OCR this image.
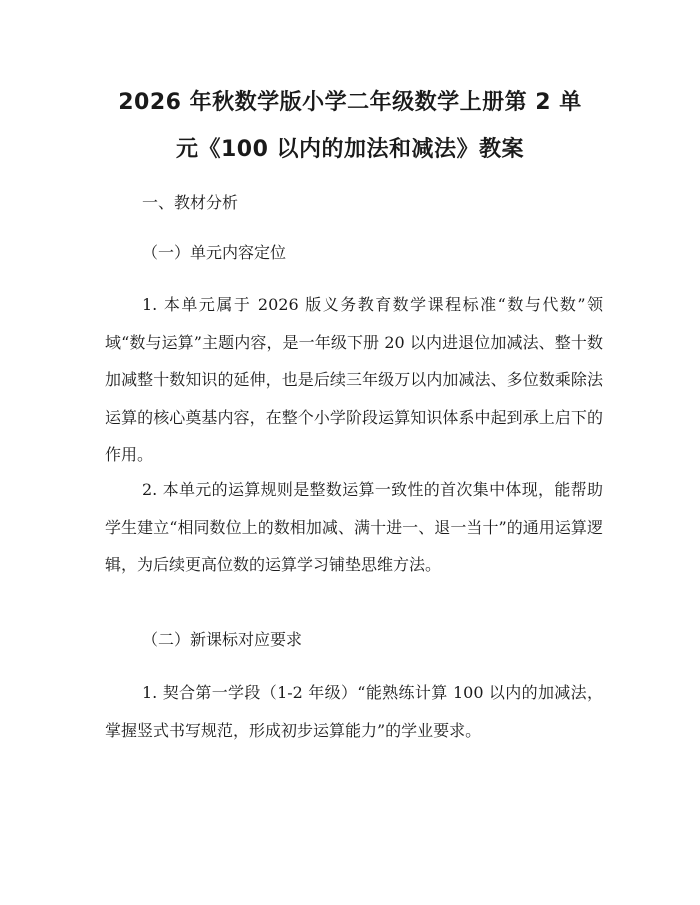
2026 年秋数学版小学二年级数学上册第 2 单
元《100 以内的加法和减法》教案
一、教材分析
（一）单元内容定位

1. 本单元属于 2026 版义务教育数学课程标准“数与代数”领域“数与运算”主题内容，是一年级下册 20 以内进退位加减法、整十数加减整十数知识的延伸，也是后续三年级万以内加减法、多位数乘除法运算的核心奠基内容，在整个小学阶段运算知识体系中起到承上启下的作用。

2. 本单元的运算规则是整数运算一致性的首次集中体现，能帮助学生建立“相同数位上的数相加减、满十进一、退一当十”的通用运算逻辑，为后续更高位数的运算学习铺垫思维方法。

（二）新课标对应要求

1. 契合第一学段（1-2 年级）“能熟练计算 100 以内的加减法，掌握竖式书写规范，形成初步运算能力”的学业要求。
